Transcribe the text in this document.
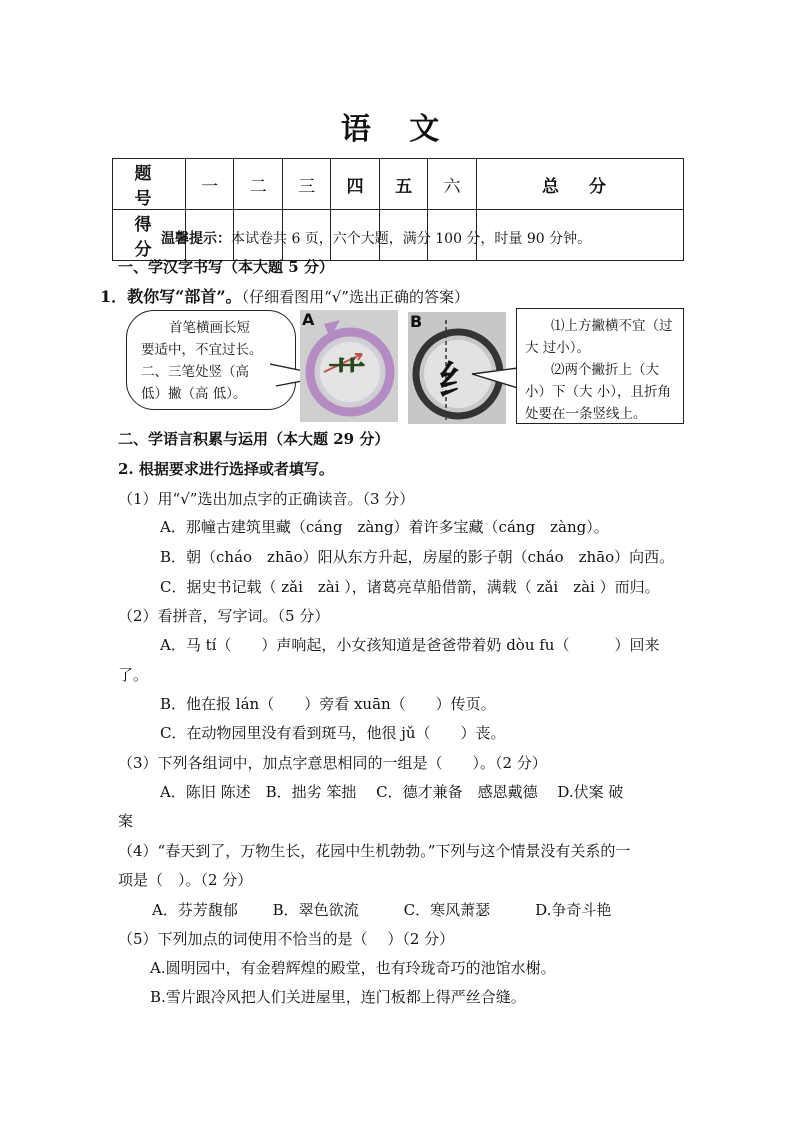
语 文
题 号	一	二	三	四	五	六	总 分
得 分							
温馨提示：本试卷共 6 页，六个大题，满分 100 分，时量 90 分钟。
一、学汉字书写（本大题 5 分）
1．教你写“部首”。（仔细看图用“√”选出正确的答案）
首笔横画长短
要适中，不宜过长。
二、三笔处竖（高
低）撇（高 低）。	艹
A
纟
B	⑴上方撇横不宜（过
大 过小）。
⑵两个撇折上（大
小）下（大 小），且折角
处要在一条竖线上。
二、学语言积累与运用（本大题 29 分）
2. 根据要求进行选择或者填写。
（1）用“√”选出加点字的正确读音。（3 分）
A．那幢古建筑里藏（cáng　zàng）着许多宝藏（cáng　zàng）。
B．朝（cháo　zhāo）阳从东方升起，房屋的影子朝（cháo　zhāo）向西。
C．据史书记载（ zǎi　zài ），诸葛亮草船借箭，满载（ zǎi　zài ）而归。
（2）看拼音，写字词。（5 分）
A．马 tí（　　）声响起，小女孩知道是爸爸带着奶 dòu fu（　　　）回来
了。
B．他在报 lán（　　）旁看 xuān（　　）传页。
C．在动物园里没有看到斑马，他很 jǔ（　　）丧。
（3）下列各组词中，加点字意思相同的一组是（　　）。（2 分）
A．陈旧 陈述　B．拙劣 笨拙　 C．德才兼备　感恩戴德　 D.伏案 破
案
（4）“春天到了，万物生长，花园中生机勃勃。”下列与这个情景没有关系的一
项是（　）。（2 分）
A．芬芳馥郁　　 B．翠色欲流　　　C．寒风萧瑟　　　D.争奇斗艳
（5）下列加点的词使用不恰当的是（　 ）（2 分）
A.圆明园中，有金碧辉煌的殿堂，也有玲珑奇巧的池馆水榭。
B.雪片跟冷风把人们关进屋里，连门板都上得严丝合缝。
